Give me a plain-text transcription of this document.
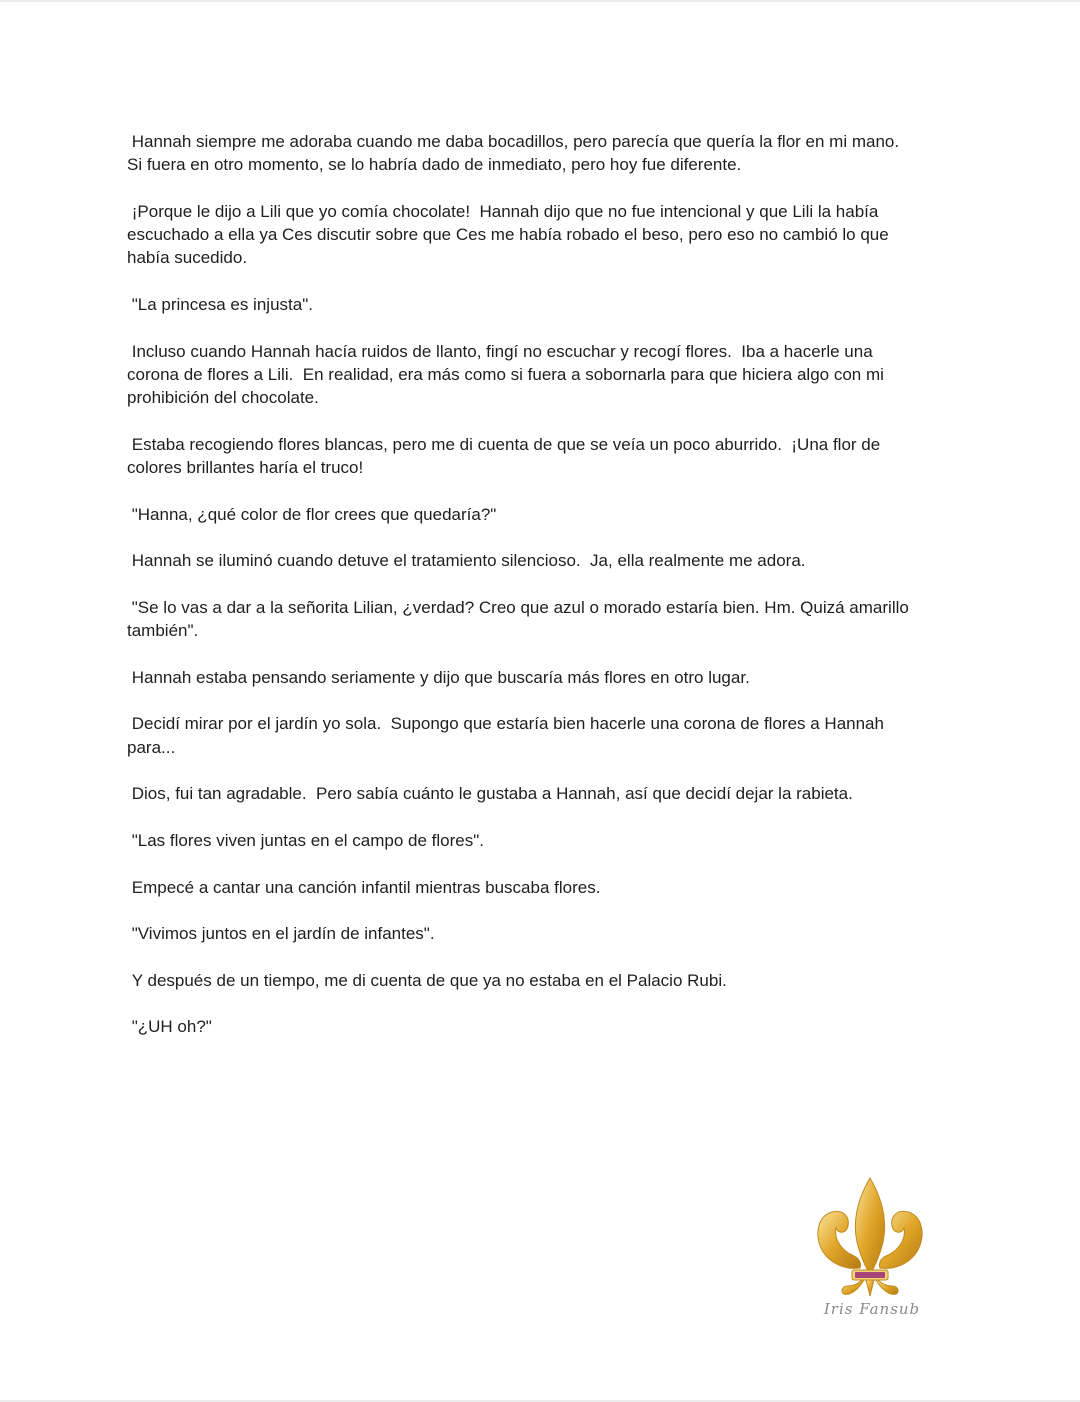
Hannah siempre me adoraba cuando me daba bocadillos, pero parecía que quería la flor en mi mano.
Si fuera en otro momento, se lo habría dado de inmediato, pero hoy fue diferente.

¡Porque le dijo a Lili que yo comía chocolate!  Hannah dijo que no fue intencional y que Lili la había
escuchado a ella ya Ces discutir sobre que Ces me había robado el beso, pero eso no cambió lo que
había sucedido.

"La princesa es injusta".

Incluso cuando Hannah hacía ruidos de llanto, fingí no escuchar y recogí flores.  Iba a hacerle una
corona de flores a Lili.  En realidad, era más como si fuera a sobornarla para que hiciera algo con mi
prohibición del chocolate.

Estaba recogiendo flores blancas, pero me di cuenta de que se veía un poco aburrido.  ¡Una flor de
colores brillantes haría el truco!

"Hanna, ¿qué color de flor crees que quedaría?"

Hannah se iluminó cuando detuve el tratamiento silencioso.  Ja, ella realmente me adora.

"Se lo vas a dar a la señorita Lilian, ¿verdad? Creo que azul o morado estaría bien. Hm. Quizá amarillo
también".

Hannah estaba pensando seriamente y dijo que buscaría más flores en otro lugar.

Decidí mirar por el jardín yo sola.  Supongo que estaría bien hacerle una corona de flores a Hannah
para...

Dios, fui tan agradable.  Pero sabía cuánto le gustaba a Hannah, así que decidí dejar la rabieta.

"Las flores viven juntas en el campo de flores".

Empecé a cantar una canción infantil mientras buscaba flores.

"Vivimos juntos en el jardín de infantes".

Y después de un tiempo, me di cuenta de que ya no estaba en el Palacio Rubi.

"¿UH oh?"

Iris Fansub
